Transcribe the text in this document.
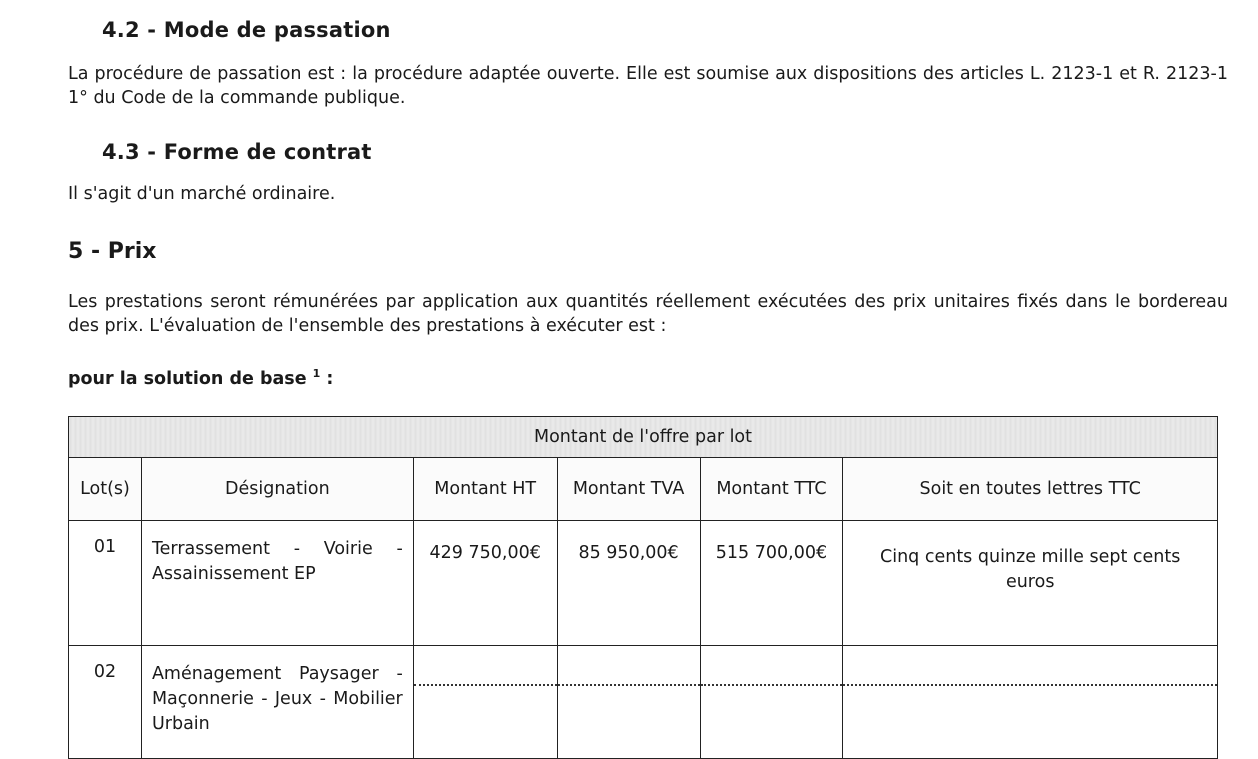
4.2 - Mode de passation

La procédure de passation est : la procédure adaptée ouverte. Elle est soumise aux dispositions des articles L. 2123-1 et R. 2123-1 1° du Code de la commande publique.

4.3 - Forme de contrat

Il s'agit d'un marché ordinaire.

5 - Prix

Les prestations seront rémunérées par application aux quantités réellement exécutées des prix unitaires fixés dans le bordereau des prix. L'évaluation de l'ensemble des prestations à exécuter est :

pour la solution de base $^1$ :

Montant de l'offre par lot					
Lot(s)	Désignation	Montant HT	Montant TVA	Montant TTC	Soit en toutes lettres TTC
01	Terrassement - Voirie - Assainissement EP	429 750,00€	85 950,00€	515 700,00€	Cinq cents quinze mille sept cents euros
02	Aménagement Paysager - Maçonnerie - Jeux - Mobilier Urbain	
